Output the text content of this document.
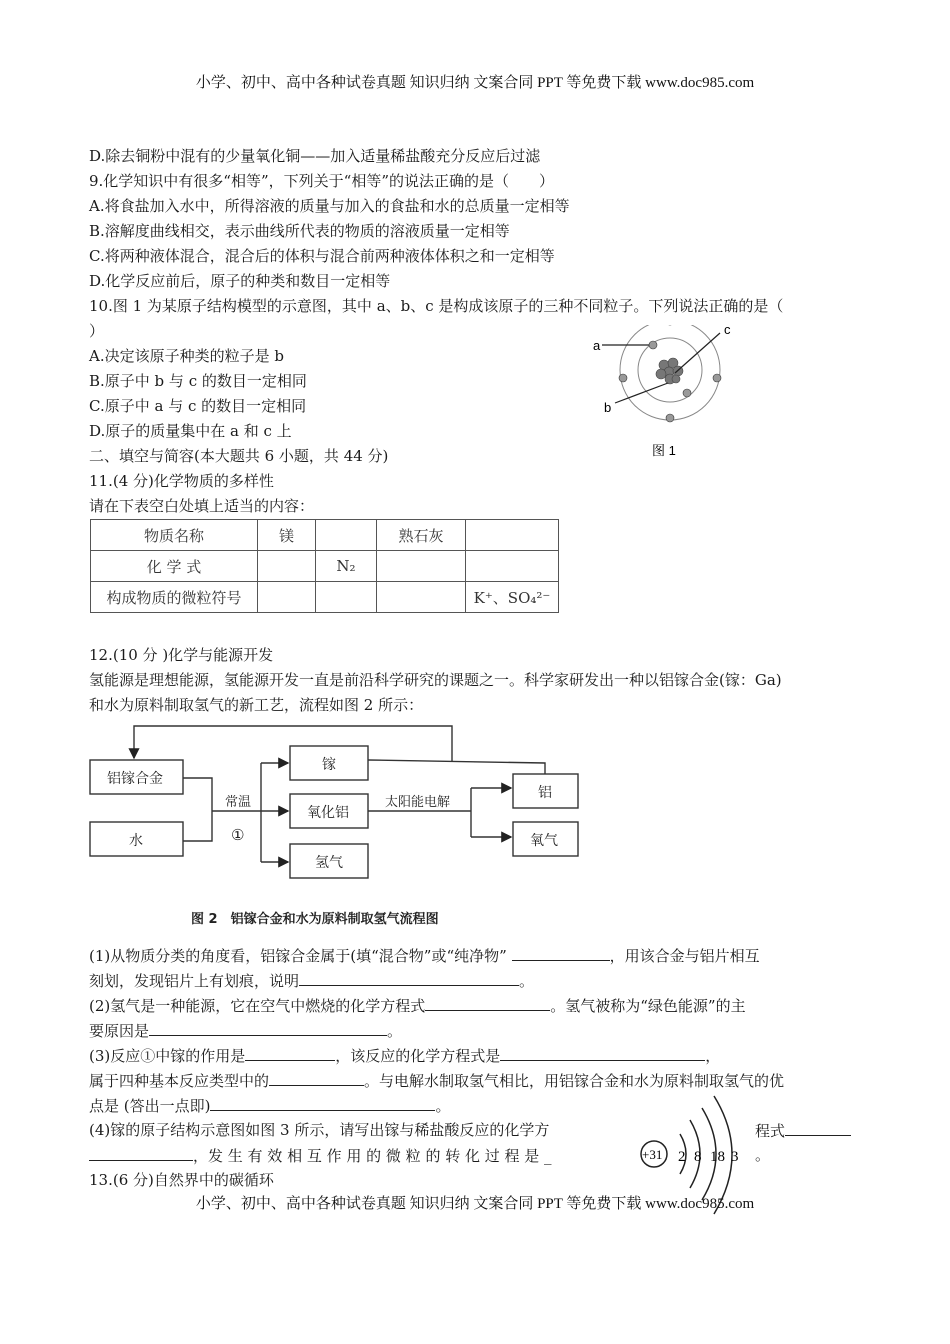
小学、初中、高中各种试卷真题 知识归纳 文案合同 PPT 等免费下载 www.doc985.com
D.除去铜粉中混有的少量氧化铜——加入适量稀盐酸充分反应后过滤
9.化学知识中有很多“相等”，下列关于“相等”的说法正确的是（　　）
A.将食盐加入水中，所得溶液的质量与加入的食盐和水的总质量一定相等
B.溶解度曲线相交，表示曲线所代表的物质的溶液质量一定相等
C.将两种液体混合，混合后的体积与混合前两种液体体积之和一定相等
D.化学反应前后，原子的种类和数目一定相等
10.图 1 为某原子结构模型的示意图，其中 a、b、c 是构成该原子的三种不同粒子。下列说法正确的是（
）
A.决定该原子种类的粒子是 b
B.原子中 b 与 c 的数目一定相同
C.原子中 a 与 c 的数目一定相同
D.原子的质量集中在 a 和 c 上
a
c
b
图 1
二、填空与简容(本大题共 6 小题，共 44 分)
11.(4 分)化学物质的多样性
请在下表空白处填上适当的内容：
物质名称	镁		熟石灰	
化 学 式		N₂		
构成物质的微粒符号				K⁺、SO₄²⁻
12.(10 分 )化学与能源开发
氢能源是理想能源，氢能源开发一直是前沿科学研究的课题之一。科学家研发出一种以铝镓合金(镓：Ga)
和水为原料制取氢气的新工艺，流程如图 2 所示：
铝镓合金
水
常温
①
镓
氧化铝
氢气
太阳能电解
铝
氧气
图 2　铝镓合金和水为原料制取氢气流程图
(1)从物质分类的角度看，铝镓合金属于(填“混合物”或“纯净物”	，用该合金与铝片相互
刻划，发现铝片上有划痕，说明	。
(2)氢气是一种能源，它在空气中燃烧的化学方程式	。氢气被称为“绿色能源”的主
要原因是	。
(3)反应①中镓的作用是	，该反应的化学方程式是	，
属于四种基本反应类型中的	。与电解水制取氢气相比，用铝镓合金和水为原料制取氢气的优
点是 (答出一点即)	。
(4)镓的原子结构示意图如图 3 所示，请写出镓与稀盐酸反应的化学方	程式
，发 生 有 效 相 互 作 用 的 微 粒 的 转 化 过 程 是 _	。
+31 2 8 18 3
13.(6 分)自然界中的碳循环
小学、初中、高中各种试卷真题 知识归纳 文案合同 PPT 等免费下载 www.doc985.com
